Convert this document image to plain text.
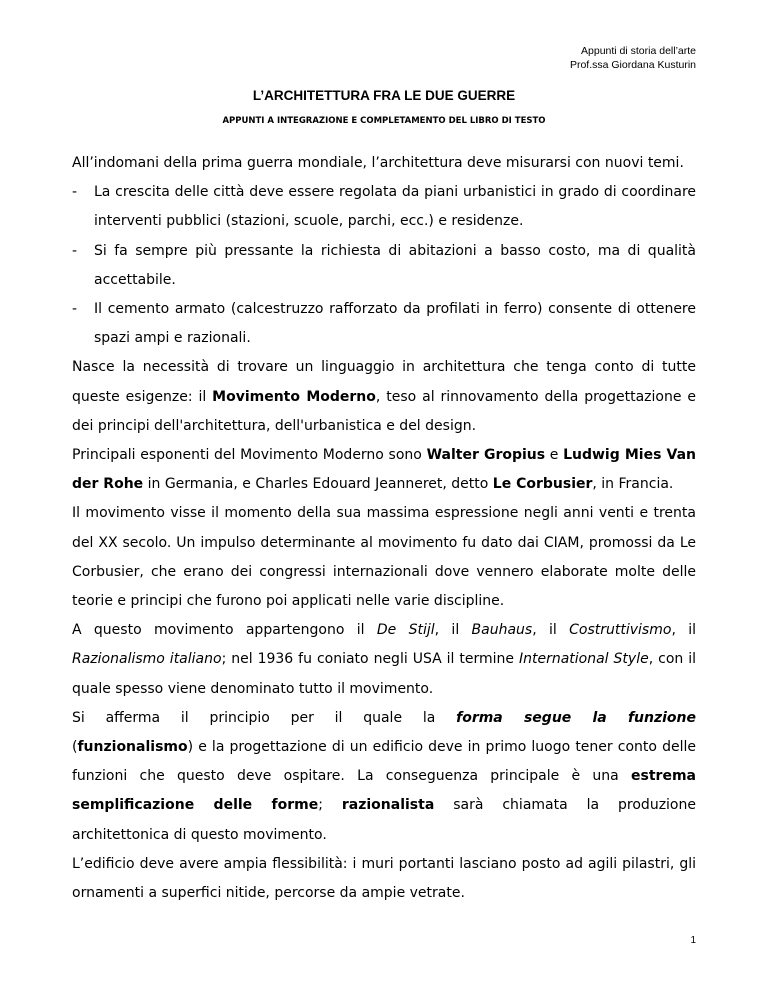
Appunti di storia dell’arte
Prof.ssa Giordana Kusturin
L’ARCHITETTURA FRA LE DUE GUERRE
APPUNTI A INTEGRAZIONE E COMPLETAMENTO DEL LIBRO DI TESTO

All’indomani della prima guerra mondiale, l’architettura deve misurarsi con nuovi temi.

- La crescita delle città deve essere regolata da piani urbanistici in grado di coordinare interventi pubblici (stazioni, scuole, parchi, ecc.) e residenze.
- Si fa sempre più pressante la richiesta di abitazioni a basso costo, ma di qualità accettabile.
- Il cemento armato (calcestruzzo rafforzato da profilati in ferro) consente di ottenere spazi ampi e razionali.

Nasce la necessità di trovare un linguaggio in architettura che tenga conto di tutte queste esigenze: il Movimento Moderno, teso al rinnovamento della progettazione e dei principi dell'architettura, dell'urbanistica e del design.

Principali esponenti del Movimento Moderno sono Walter Gropius e Ludwig Mies Van der Rohe in Germania, e Charles Edouard Jeanneret, detto Le Corbusier, in Francia.

Il movimento visse il momento della sua massima espressione negli anni venti e trenta del XX secolo. Un impulso determinante al movimento fu dato dai CIAM, promossi da Le Corbusier, che erano dei congressi internazionali dove vennero elaborate molte delle teorie e principi che furono poi applicati nelle varie discipline.

A questo movimento appartengono il De Stijl, il Bauhaus, il Costruttivismo, il Razionalismo italiano; nel 1936 fu coniato negli USA il termine International Style, con il quale spesso viene denominato tutto il movimento.

Si afferma il principio per il quale la forma segue la funzione
(funzionalismo) e la progettazione di un edificio deve in primo luogo tener conto delle funzioni che questo deve ospitare. La conseguenza principale è una estrema semplificazione delle forme; razionalista sarà chiamata la produzione architettonica di questo movimento.

L’edificio deve avere ampia flessibilità: i muri portanti lasciano posto ad agili pilastri, gli ornamenti a superfici nitide, percorse da ampie vetrate.

1
